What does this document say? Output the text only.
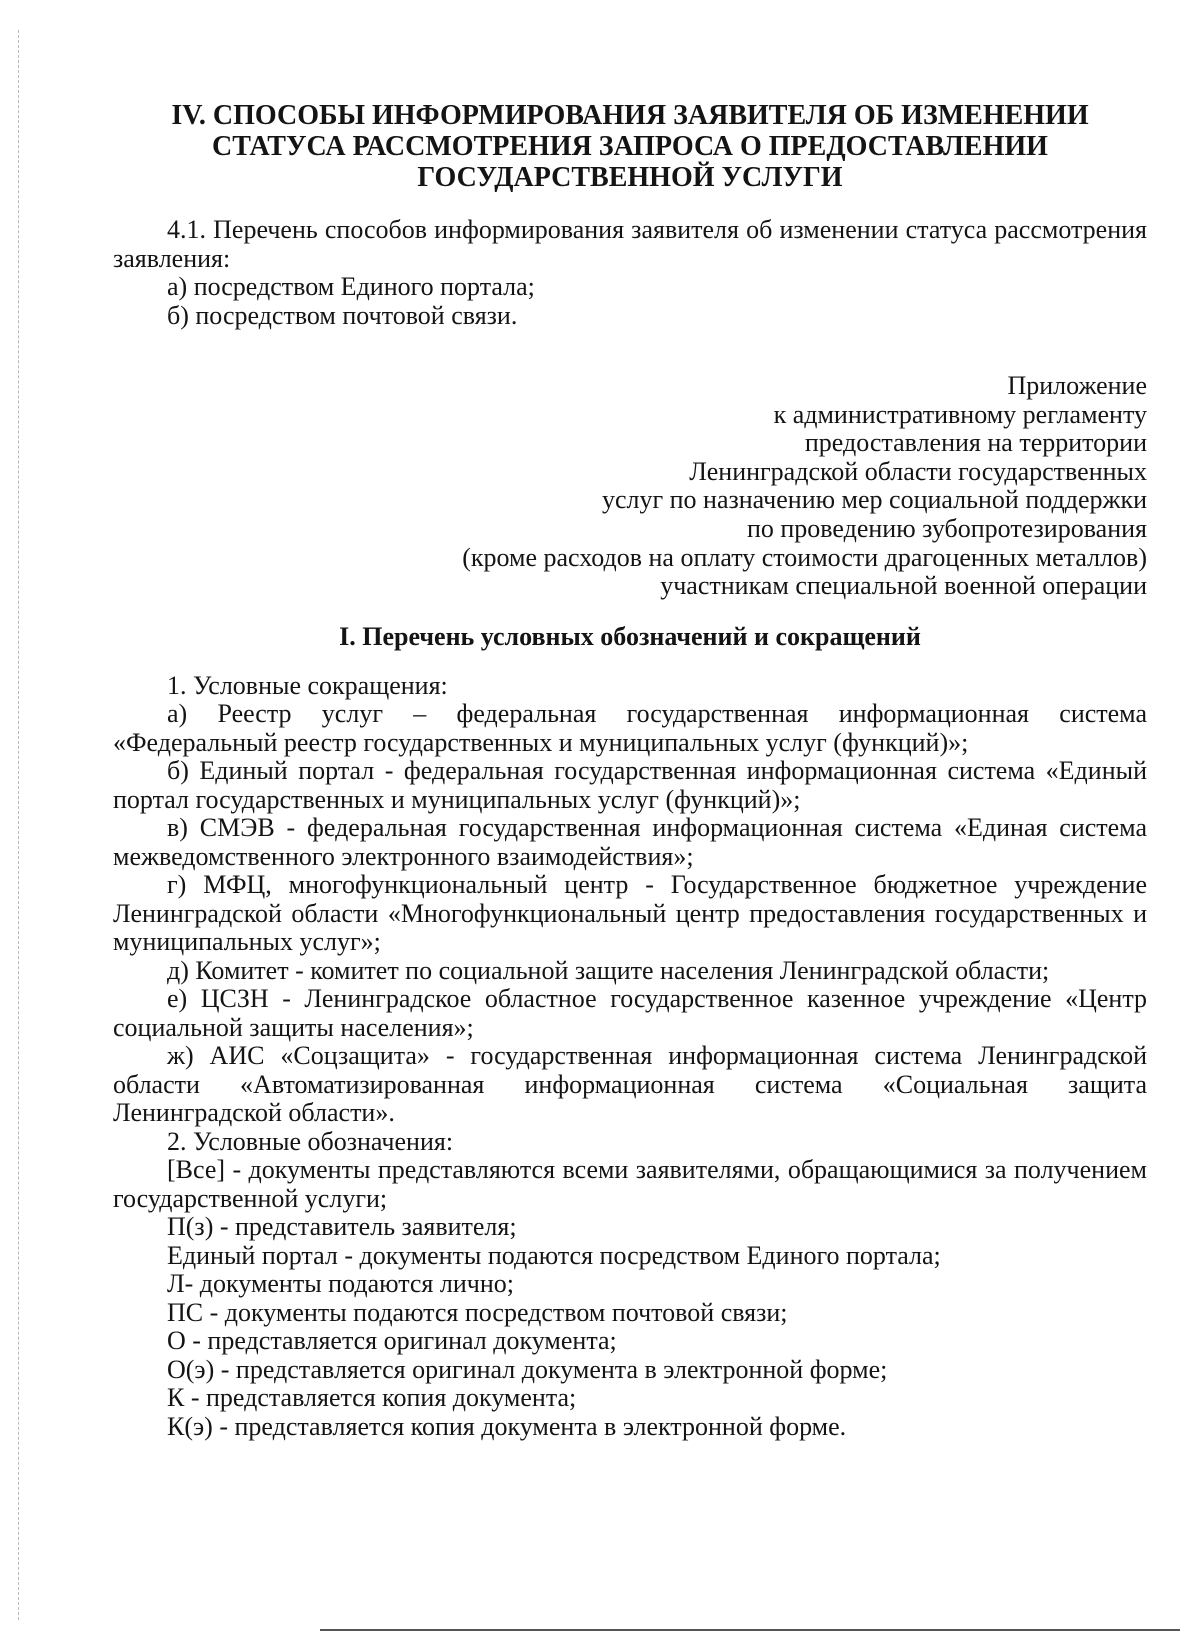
IV. СПОСОБЫ ИНФОРМИРОВАНИЯ ЗАЯВИТЕЛЯ ОБ ИЗМЕНЕНИИ
СТАТУСА РАССМОТРЕНИЯ ЗАПРОСА О ПРЕДОСТАВЛЕНИИ
ГОСУДАРСТВЕННОЙ УСЛУГИ

4.1. Перечень способов информирования заявителя об изменении статуса рассмотрения заявления:

а) посредством Единого портала;

б) посредством почтовой связи.

Приложение
к административному регламенту
предоставления на территории
Ленинградской области государственных
услуг по назначению мер социальной поддержки
по проведению зубопротезирования
(кроме расходов на оплату стоимости драгоценных металлов)
участникам специальной военной операции
I. Перечень условных обозначений и сокращений

1. Условные сокращения:

а) Реестр услуг – федеральная государственная информационная система «Федеральный реестр государственных и муниципальных услуг (функций)»;

б) Единый портал - федеральная государственная информационная система «Единый портал государственных и муниципальных услуг (функций)»;

в) СМЭВ - федеральная государственная информационная система «Единая система межведомственного электронного взаимодействия»;

г) МФЦ, многофункциональный центр - Государственное бюджетное учреждение Ленинградской области «Многофункциональный центр предоставления государственных и муниципальных услуг»;

д) Комитет - комитет по социальной защите населения Ленинградской области;

е) ЦСЗН - Ленинградское областное государственное казенное учреждение «Центр социальной защиты населения»;

ж) АИС «Соцзащита» - государственная информационная система Ленинградской области «Автоматизированная информационная система «Социальная защита Ленинградской области».

2. Условные обозначения:

[Все] - документы представляются всеми заявителями, обращающимися за получением государственной услуги;

П(з) - представитель заявителя;

Единый портал - документы подаются посредством Единого портала;

Л- документы подаются лично;

ПС - документы подаются посредством почтовой связи;

О - представляется оригинал документа;

О(э) - представляется оригинал документа в электронной форме;

К - представляется копия документа;

К(э) - представляется копия документа в электронной форме.
